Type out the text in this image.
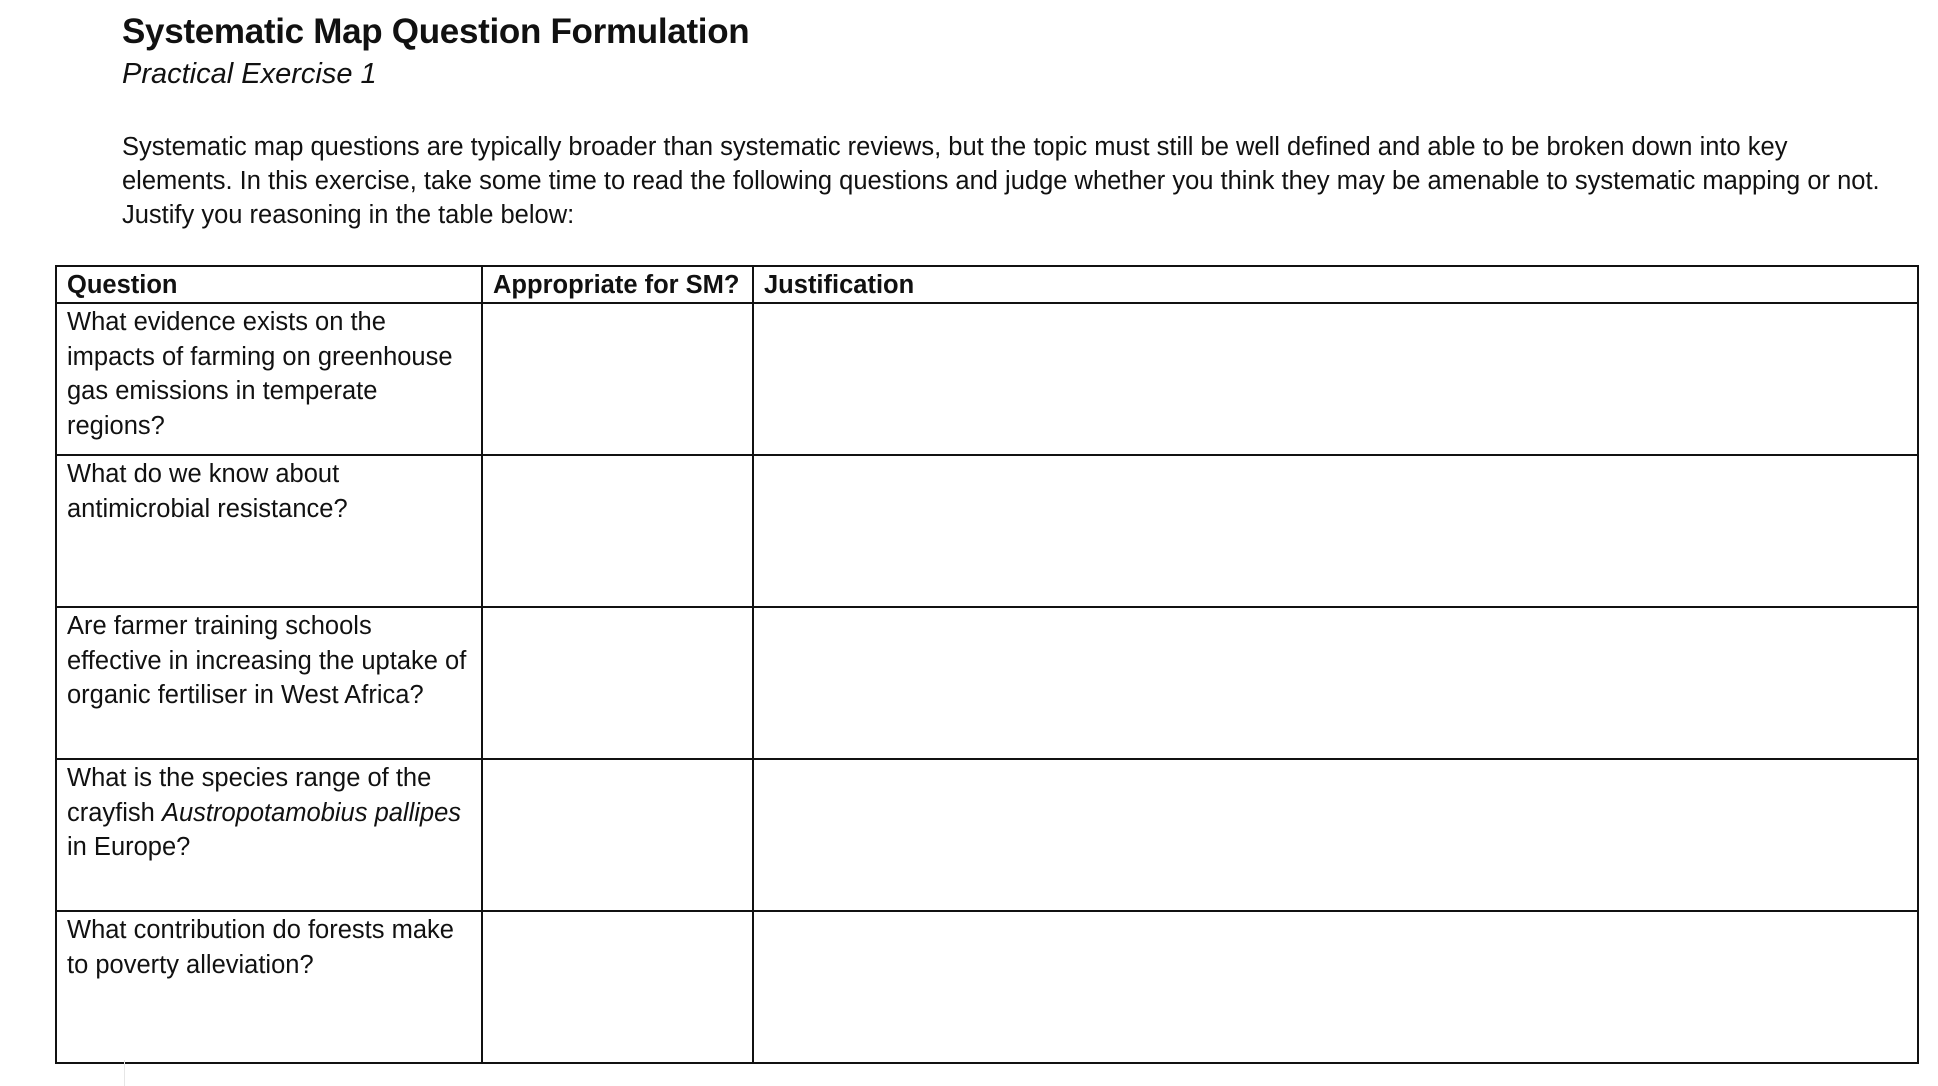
Systematic Map Question Formulation

Practical Exercise 1

Systematic map questions are typically broader than systematic reviews, but the topic must still be well defined and able to be broken down into key elements. In this exercise, take some time to read the following questions and judge whether you think they may be amenable to systematic mapping or not. Justify you reasoning in the table below:

Question	Appropriate for SM?	Justification
What evidence exists on the impacts of farming on greenhouse gas emissions in temperate regions?		
What do we know about antimicrobial resistance?		
Are farmer training schools effective in increasing the uptake of organic fertiliser in West Africa?		
What is the species range of the crayfish Austropotamobius pallipes in Europe?		
What contribution do forests make to poverty alleviation?		
